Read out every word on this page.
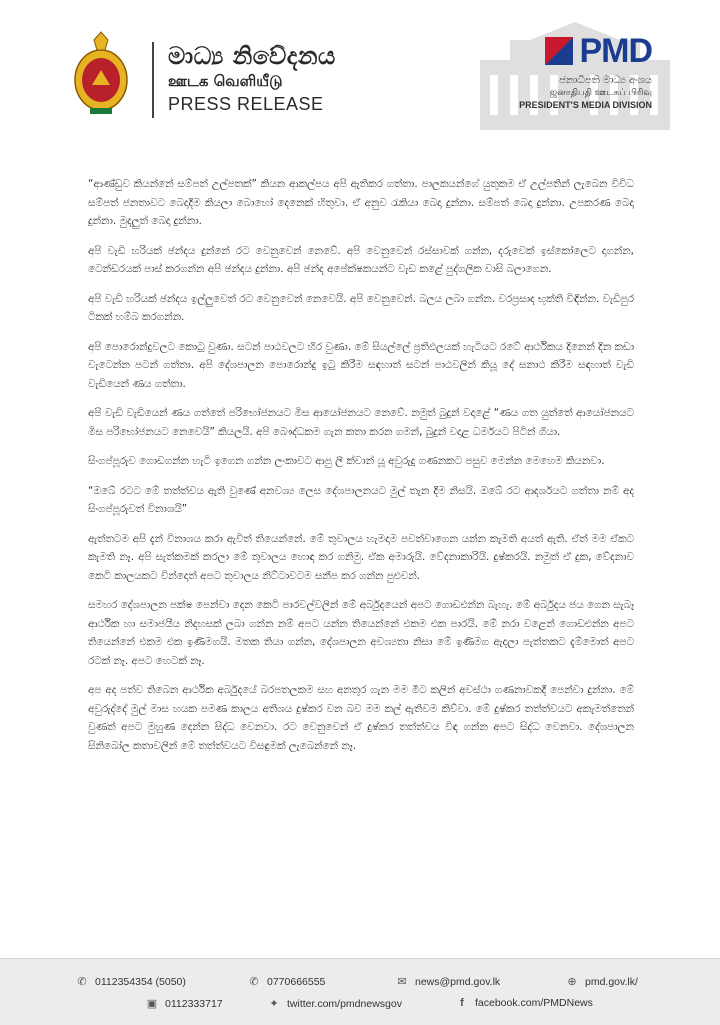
මාධ්‍ය නිවේදනය
ஊடக வெளியீடு
PRESS RELEASE
PMD
ජනාධිපති මාධ්‍ය අංශය
ஜனாதிபதி ஊடகப் பிரிவு
PRESIDENT'S MEDIA DIVISION

“ආණ්ඩුව කියන්නේ සම්පත් උල්පතක්” කියන ආකල්පය අපි ඇතිකර ගත්තා. පාලකයන්ගේ යුතුකම ඒ උල්පතින් ලැබෙන විවිධ සම්පත් ජනතාවට බෙදාදීම කියලා බොහෝ දෙනෙක් හිතුවා. ඒ අනුව රැකියා බෙදා දුන්නා. සම්පත් බෙදා දුන්නා. උපකරණ බෙදා දුන්නා. මුදලුත් බෙදා දුන්නා.

අපි වැඩි හරියක් ඡන්දය දුන්නේ රට වෙනුවෙන් නෙවේ. අපි වෙනුවෙන් රස්සාවක් ගන්න, දරුවෙක් ඉස්කෝලෙට දාගන්න, ටෙන්ඩරයක් පාස් කරගන්න අපි ඡන්දය දුන්නා. අපි ඡන්ද අපේක්ෂකයන්ට වැඩ කළේ පුද්ගලික වාසි බලාගෙන.

අපි වැඩි හරියක් ඡන්දය ඉල්ලුවෙත් රට වෙනුවෙන් නෙවෙයි. අපි වෙනුවෙන්. බලය ලබා ගන්න. වරප්‍රසාද භුක්ති විඳින්න. වැඩිපුර ටිකක් හම්බ කරගන්න.

අපි පොරොන්දුවලට කොටු වුණා. සටන් පාඨවලට හිර වුණා. මේ සියල්ලේ ප්‍රතිඵලයක් හැටියට රටේ ආර්ථිකය දිනෙන් දින කඩා වැටෙන්න පටන් ගත්තා. අපි දේශපාලන පොරොන්දු ඉටු කිරීම සඳහාත් සටන් පාඨවලින් කියූ දේ සනාථ කිරීම සඳහාත් වැඩි වැඩියෙන් ණය ගත්තා.

අපි වැඩි වැඩියෙන් ණය ගත්තේ පරිභෝජනයට මිස ආයෝජනයට නෙවේ. නමුත් බුදුන් වදාළේ “ණය ගත යුත්තේ ආයෝජනයට මිස පරිභෝජනයට නෙවෙයි” කියලයි. අපි බෞද්ධකම ගැන කතා කරන ගමන්, බුදුන් වදාළ ධර්මයට පිටින් ගියා.

සිංගප්පූරුව ගොඩගන්න හැටි ඉගෙන ගන්න ලංකාවට ආපු ලී ක්වාන් යූ අවුරුදු ගණනකට පසුව මෙන්න මෙහෙම කියනවා.

“ඔබේ රටට මේ තත්ත්වය ඇති වුණේ අනවශ්‍ය ලෙස දේශපාලනයට මුල් තැන දීම නිසයි. ඔබේ රට ආදර්ශයට ගත්තා නම් අද සිංගප්පූරුවත් විනාශයි”

ඇත්තටම අපි දැන් විනාශය කරා ඇවිත් තියෙන්නේ. මේ තුවාලය හැමදාම පවත්වාගෙන යන්න කැමති අයත් ඇති. ඒත් මම ඒකට කැමති නෑ. අපි සැත්කමක් කරලා මේ තුවාලය හොඳ කර ගනිමු. ඒක අමාරුයි. වේදනාකාරියි. දුෂ්කරයි. නමුත් ඒ දුක, වේදනාව කෙටි කාලයකට වින්දොත් අපට තුවාලය නිට්ටාවටම සනීප කර ගන්න පුළුවන්.

සමහර දේශපාලන පක්ෂ පෙන්වා දෙන කෙටි පාරවල්වලින් මේ අර්බුදයෙන් අපට ගොඩඑන්න බැහැ. මේ අර්බුදය ජය ගෙන සැබෑ ආර්ථික හා සමාජයීය නිදහසක් ලබා ගන්න නම් අපට යන්න තියෙන්නේ එකම එක පාරයි. මේ නරා වළෙන් ගොඩඑන්න අපට තියෙන්නේ එකම එක ඉණිමගයි. මතක තියා ගන්න, දේශපාලන අවශ්‍යතා නිසා මේ ඉණිමග ඇදලා පැත්තකට දැම්මොත් අපට රටක් නෑ. අපට හෙටක් නෑ.

අප අද පත්ව තිබෙන ආර්ථික අර්බුදයේ බරපතලකම සහ අනතුර ගැන මම මීට කලින් අවස්ථා ගණනාවකදී පෙන්වා දුන්නා. මේ අවුරුද්දේ මුල් මාස හයක පමණ කාලය අතිශය දුෂ්කර වන බව මම කල් ඇතිවම කිව්වා. මේ දුෂ්කර තත්ත්වයට අකැමත්තෙන් වුණත් අපට මුහුණ දෙන්න සිද්ධ වෙනවා. රට වෙනුවෙන් ඒ දුෂ්කර තත්ත්වය විඳ ගන්න අපට සිද්ධ වෙනවා. දේශපාලන සිනිබෝල කතාවලින් මේ තත්ත්වයට විසඳුමක් ලැබෙන්නේ නෑ.

✆ 0112354354 (5050)	✆ 0770666555	✉ news@pmd.gov.lk	⊕ pmd.gov.lk/
▣ 0112333717	✦ twitter.com/pmdnewsgov	f	facebook.com/PMDNews
